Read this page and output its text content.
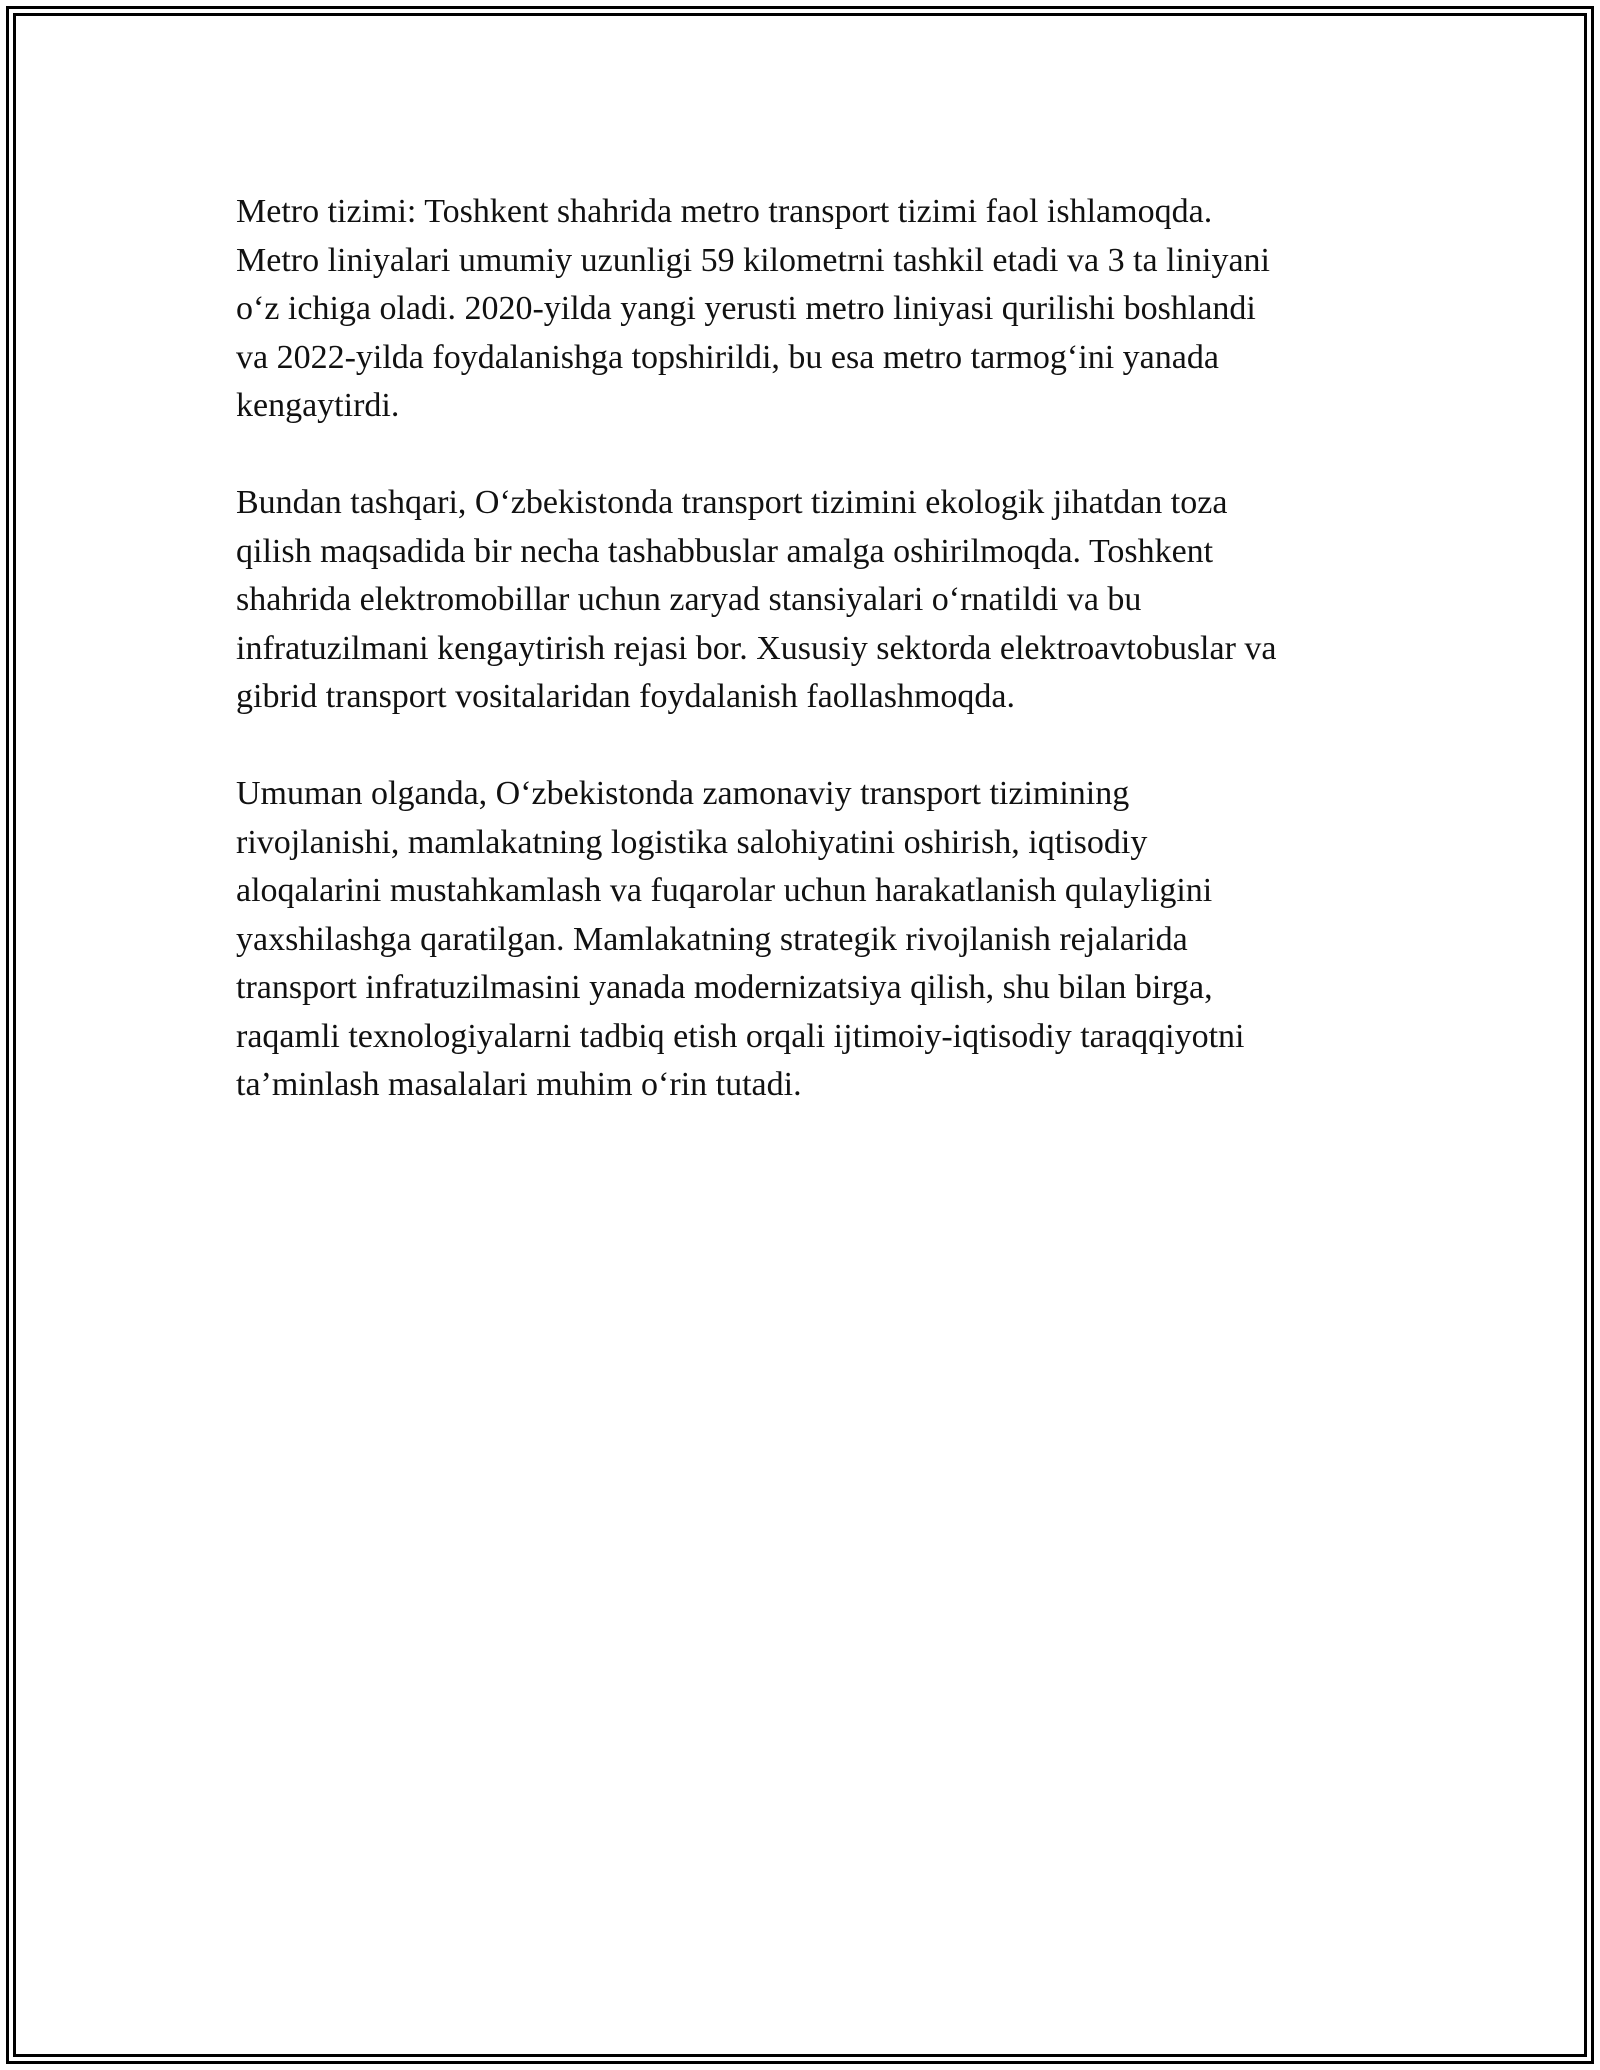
Metro tizimi: Toshkent shahrida metro transport tizimi faol ishlamoqda.
Metro liniyalari umumiy uzunligi 59 kilometrni tashkil etadi va 3 ta liniyani
o‘z ichiga oladi. 2020-yilda yangi yerusti metro liniyasi qurilishi boshlandi
va 2022-yilda foydalanishga topshirildi, bu esa metro tarmog‘ini yanada
kengaytirdi.

Bundan tashqari, O‘zbekistonda transport tizimini ekologik jihatdan toza
qilish maqsadida bir necha tashabbuslar amalga oshirilmoqda. Toshkent
shahrida elektromobillar uchun zaryad stansiyalari o‘rnatildi va bu
infratuzilmani kengaytirish rejasi bor. Xususiy sektorda elektroavtobuslar va
gibrid transport vositalaridan foydalanish faollashmoqda.

Umuman olganda, O‘zbekistonda zamonaviy transport tizimining
rivojlanishi, mamlakatning logistika salohiyatini oshirish, iqtisodiy
aloqalarini mustahkamlash va fuqarolar uchun harakatlanish qulayligini
yaxshilashga qaratilgan. Mamlakatning strategik rivojlanish rejalarida
transport infratuzilmasini yanada modernizatsiya qilish, shu bilan birga,
raqamli texnologiyalarni tadbiq etish orqali ijtimoiy-iqtisodiy taraqqiyotni
ta’minlash masalalari muhim o‘rin tutadi.
